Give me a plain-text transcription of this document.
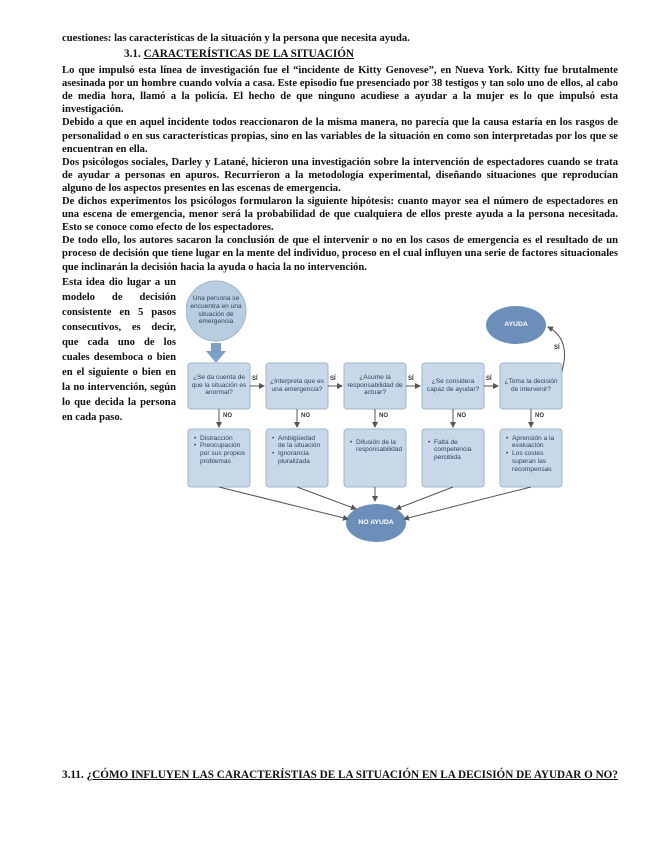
cuestiones: las características de la situación y la persona que necesita ayuda.

3.1. CARACTERÍSTICAS DE LA SITUACIÓN

Lo que impulsó esta línea de investigación fue el “incidente de Kitty Genovese”, en Nueva York. Kitty fue brutalmente asesinada por un hombre cuando volvía a casa. Este episodio fue presenciado por 38 testigos y tan solo uno de ellos, al cabo de media hora, llamó a la policía. El hecho de que ninguno acudiese a ayudar a la mujer es lo que impulsó esta investigación.

Debido a que en aquel incidente todos reaccionaron de la misma manera, no parecía que la causa estaría en los rasgos de personalidad o en sus características propias, sino en las variables de la situación en como son interpretadas por los que se encuentran en ella.

Dos psicólogos sociales, Darley y Latané, hicieron una investigación sobre la intervención de espectadores cuando se trata de ayudar a personas en apuros. Recurrieron a la metodología experimental, diseñando situaciones que reproducían alguno de los aspectos presentes en las escenas de emergencia.

De dichos experimentos los psicólogos formularon la siguiente hipótesis: cuanto mayor sea el número de espectadores en una escena de emergencia, menor será la probabilidad de que cualquiera de ellos preste ayuda a la persona necesitada. Esto se conoce como efecto de los espectadores.

De todo ello, los autores sacaron la conclusión de que el intervenir o no en los casos de emergencia es el resultado de un proceso de decisión que tiene lugar en la mente del individuo, proceso en el cual influyen una serie de factores situacionales que inclinarán la decisión hacia la ayuda o hacia la no intervención.

Esta idea dio lugar a un modelo de decisión consistente en 5 pasos consecutivos, es decir, que cada uno de los cuales desemboca o bien en el siguiente o bien en la no intervención, según lo que decida la persona en cada paso.
Una persona se encuentra en una situación de emergencia	AYUDA
NO AYUDA
¿Se da cuenta de que la situación es anormal?
¿Interpreta que es una emergencia?
¿Asume la responsabilidad de actuar?
¿Se considera capaz de ayudar?
¿Toma la decisión de intervenir?
SÍ	SÍ	SÍ	SÍ
SÍ
NO	NO	NO	NO	NO
• Distracción
• Preocupación por sus propios problemas
• Ambigüedad de la situación
• Ignorancia pluralizada
• Difusión de la responsabilidad
• Falta de competencia percibida
• Aprensión a la evaluación
• Los costes superan las recompensas
3.11. ¿CÓMO INFLUYEN LAS CARACTERÍSTIAS DE LA SITUACIÓN EN LA DECISIÓN DE AYUDAR O NO?
